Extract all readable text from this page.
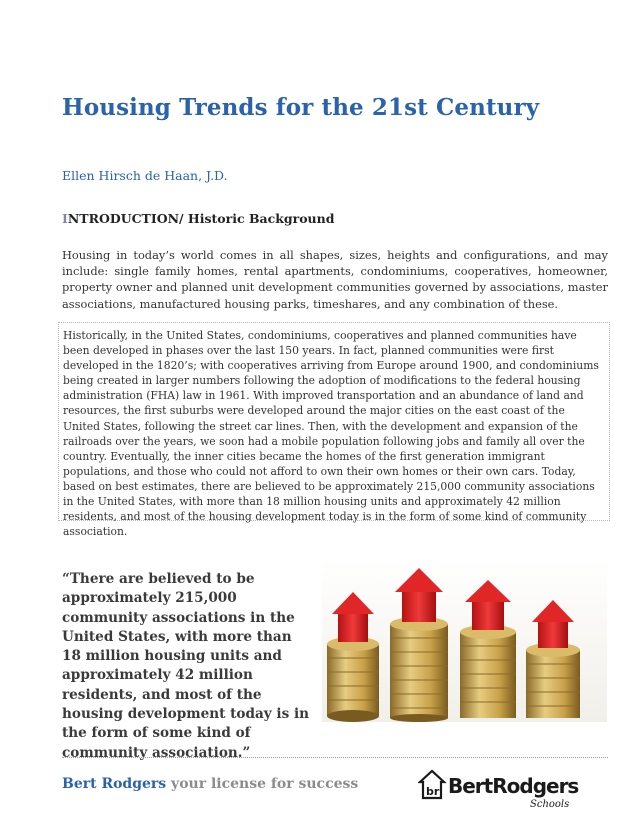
Housing Trends for the 21st Century
Ellen Hirsch de Haan, J.D.
INTRODUCTION/ Historic Background

Housing in today’s world comes in all shapes, sizes, heights and configurations, and may include: single family homes, rental apartments, condominiums, cooperatives, homeowner, property owner and planned unit development communities governed by associations, master associations, manufactured housing parks, timeshares, and any combination of these.

Historically, in the United States, condominiums, cooperatives and planned communities have been developed in phases over the last 150 years. In fact, planned communities were first developed in the 1820’s; with cooperatives arriving from Europe around 1900, and condominiums being created in larger numbers following the adoption of modifications to the federal housing administration (FHA) law in 1961. With improved transportation and an abundance of land and resources, the first suburbs were developed around the major cities on the east coast of the United States, following the street car lines. Then, with the development and expansion of the railroads over the years, we soon had a mobile population following jobs and family all over the country. Eventually, the inner cities became the homes of the first generation immigrant populations, and those who could not afford to own their own homes or their own cars. Today, based on best estimates, there are believed to be approximately 215,000 community associations in the United States, with more than 18 million housing units and approximately 42 million residents, and most of the housing development today is in the form of some kind of community association.

“There are believed to be approximately 215,000 community associations in the United States, with more than 18 million housing units and approximately 42 million residents, and most of the housing development today is in the form of some kind of community association.”

Bert Rodgers your license for success	br BertRodgers
Schools
